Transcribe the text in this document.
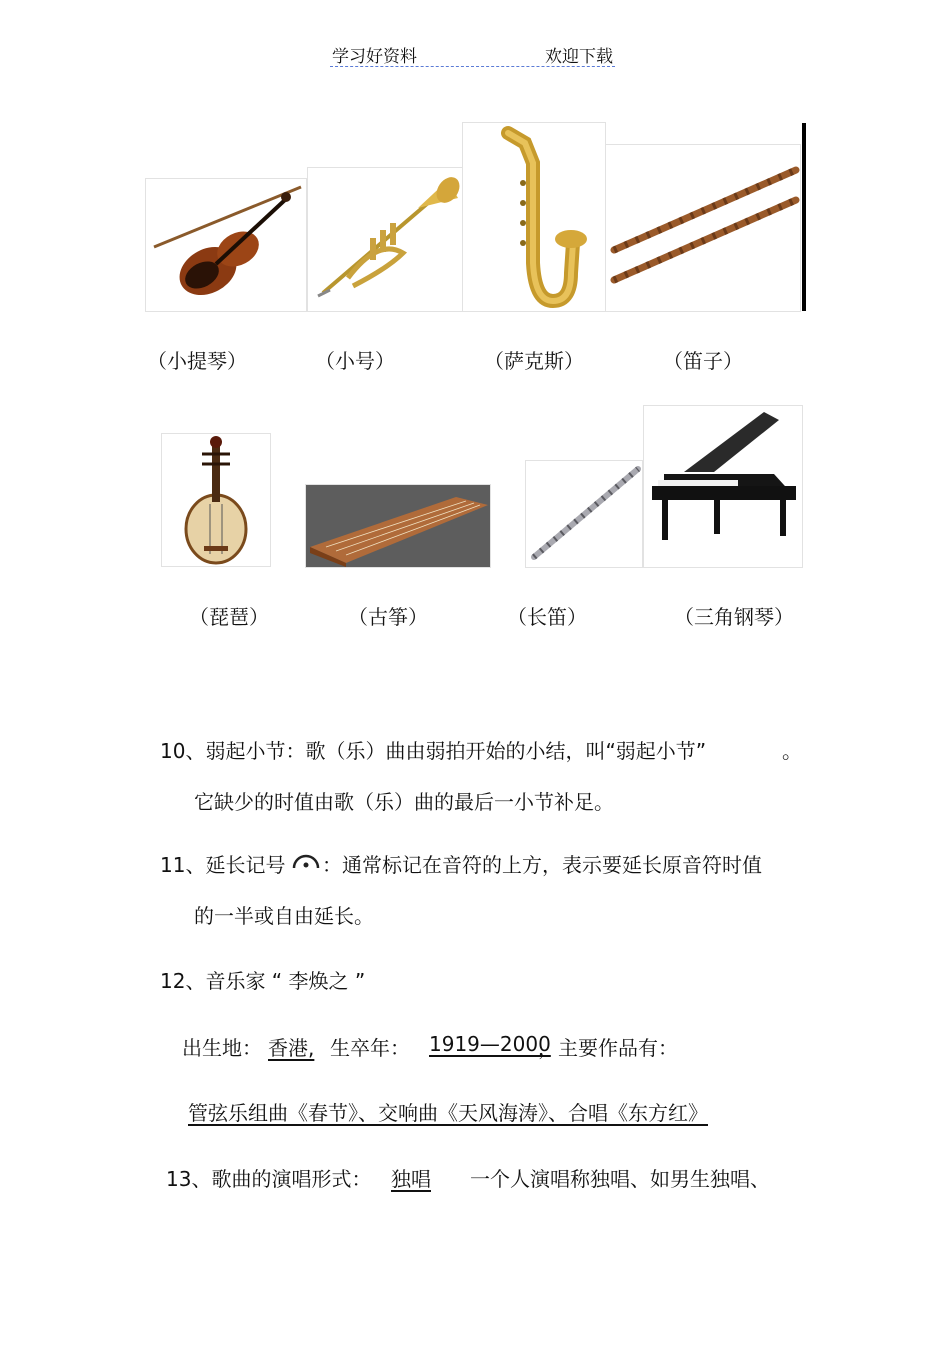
学习好资料	欢迎下载
（小提琴）	（小号）	（萨克斯）	（笛子）
（琵琶）	（古筝）	（长笛）	（三角钢琴）
10、弱起小节：歌（乐）曲由弱拍开始的小结，叫“弱起小节”	。
它缺少的时值由歌（乐）曲的最后一小节补足。
11、延长记号 ：通常标记在音符的上方，表示要延长原音符时值
的一半或自由延长。
12、音乐家 “ 李焕之 ”
出生地： 香港, 生卒年： 1919—2000
，主要作品有：
管弦乐组曲《春节》、交响曲《天风海涛》、合唱《东方红》
13、歌曲的演唱形式： 独唱 一个人演唱称独唱、如男生独唱、
